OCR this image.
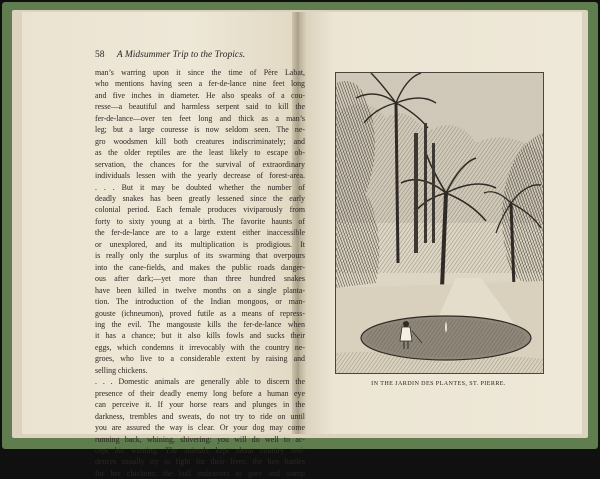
58 A Midsummer Trip to the Tropics.
man’s warring upon it since the time of Père Labat,
who mentions having seen a fer-de-lance nine feet long
and five inches in diameter. He also speaks of a cou-
resse—a beautiful and harmless serpent said to kill the
fer-de-lance—over ten feet long and thick as a man’s
leg; but a large couresse is now seldom seen. The ne-
gro woodsmen kill both creatures indiscriminately; and
as the older reptiles are the least likely to escape ob-
servation, the chances for the survival of extraordinary
individuals lessen with the yearly decrease of forest-area.
. . . But it may be doubted whether the number of
deadly snakes has been greatly lessened since the early
colonial period. Each female produces viviparously from
forty to sixty young at a birth. The favorite haunts of
the fer-de-lance are to a large extent either inaccessible
or unexplored, and its multiplication is prodigious. It
is really only the surplus of its swarming that overpours
into the cane-fields, and makes the public roads danger-
ous after dark;—yet more than three hundred snakes
have been killed in twelve months on a single planta-
tion. The introduction of the Indian mongoos, or man-
gouste (ichneumon), proved futile as a means of repress-
ing the evil. The mangouste kills the fer-de-lance when
it has a chance; but it also kills fowls and sucks their
eggs, which condemns it irrevocably with the country ne-
groes, who live to a considerable extent by raising and
selling chickens.
. . . Domestic animals are generally able to discern the
presence of their deadly enemy long before a human eye
can perceive it. If your horse rears and plunges in the
darkness, trembles and sweats, do not try to ride on until
you are assured the way is clear. Or your dog may come
running back, whining, shivering: you will do well to ac-
cept his warning. The animals kept about country resi-
dences usually try to fight for their lives; the hen battles
for her chickens; the bull endeavors to gore and stamp
IN THE JARDIN DES PLANTES, ST. PIERRE.
